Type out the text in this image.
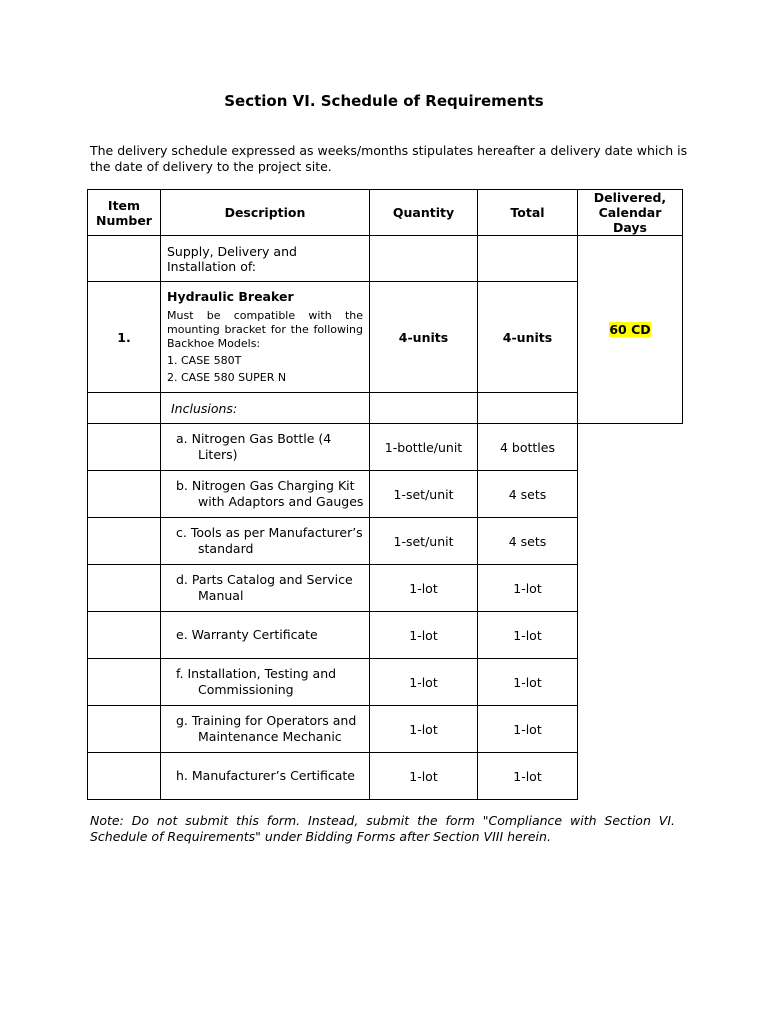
Section VI. Schedule of Requirements
The delivery schedule expressed as weeks/months stipulates hereafter a delivery date which is the date of delivery to the project site.
Item Number	Description	Quantity	Total	Delivered, Calendar Days
	Supply, Delivery and Installation of:			60 CD
1.	Hydraulic Breaker
Must be compatible with the mounting bracket for the following Backhoe Models:
1. CASE 580T
2. CASE 580 SUPER N	4-units	4-units	
	Inclusions:			
	a. Nitrogen Gas Bottle (4
Liters)	1-bottle/unit	4 bottles	
	b. Nitrogen Gas Charging Kit
with Adaptors and Gauges	1-set/unit	4 sets	
	c. Tools as per Manufacturer’s
standard	1-set/unit	4 sets	
	d. Parts Catalog and Service
Manual	1-lot	1-lot	
	e. Warranty Certificate	1-lot	1-lot	
	f. Installation, Testing and
Commissioning	1-lot	1-lot	
	g. Training for Operators and
Maintenance Mechanic	1-lot	1-lot	
	h. Manufacturer’s Certificate	1-lot	1-lot	
Note: Do not submit this form. Instead, submit the form "Compliance with Section VI. Schedule of Requirements" under Bidding Forms after Section VIII herein.
